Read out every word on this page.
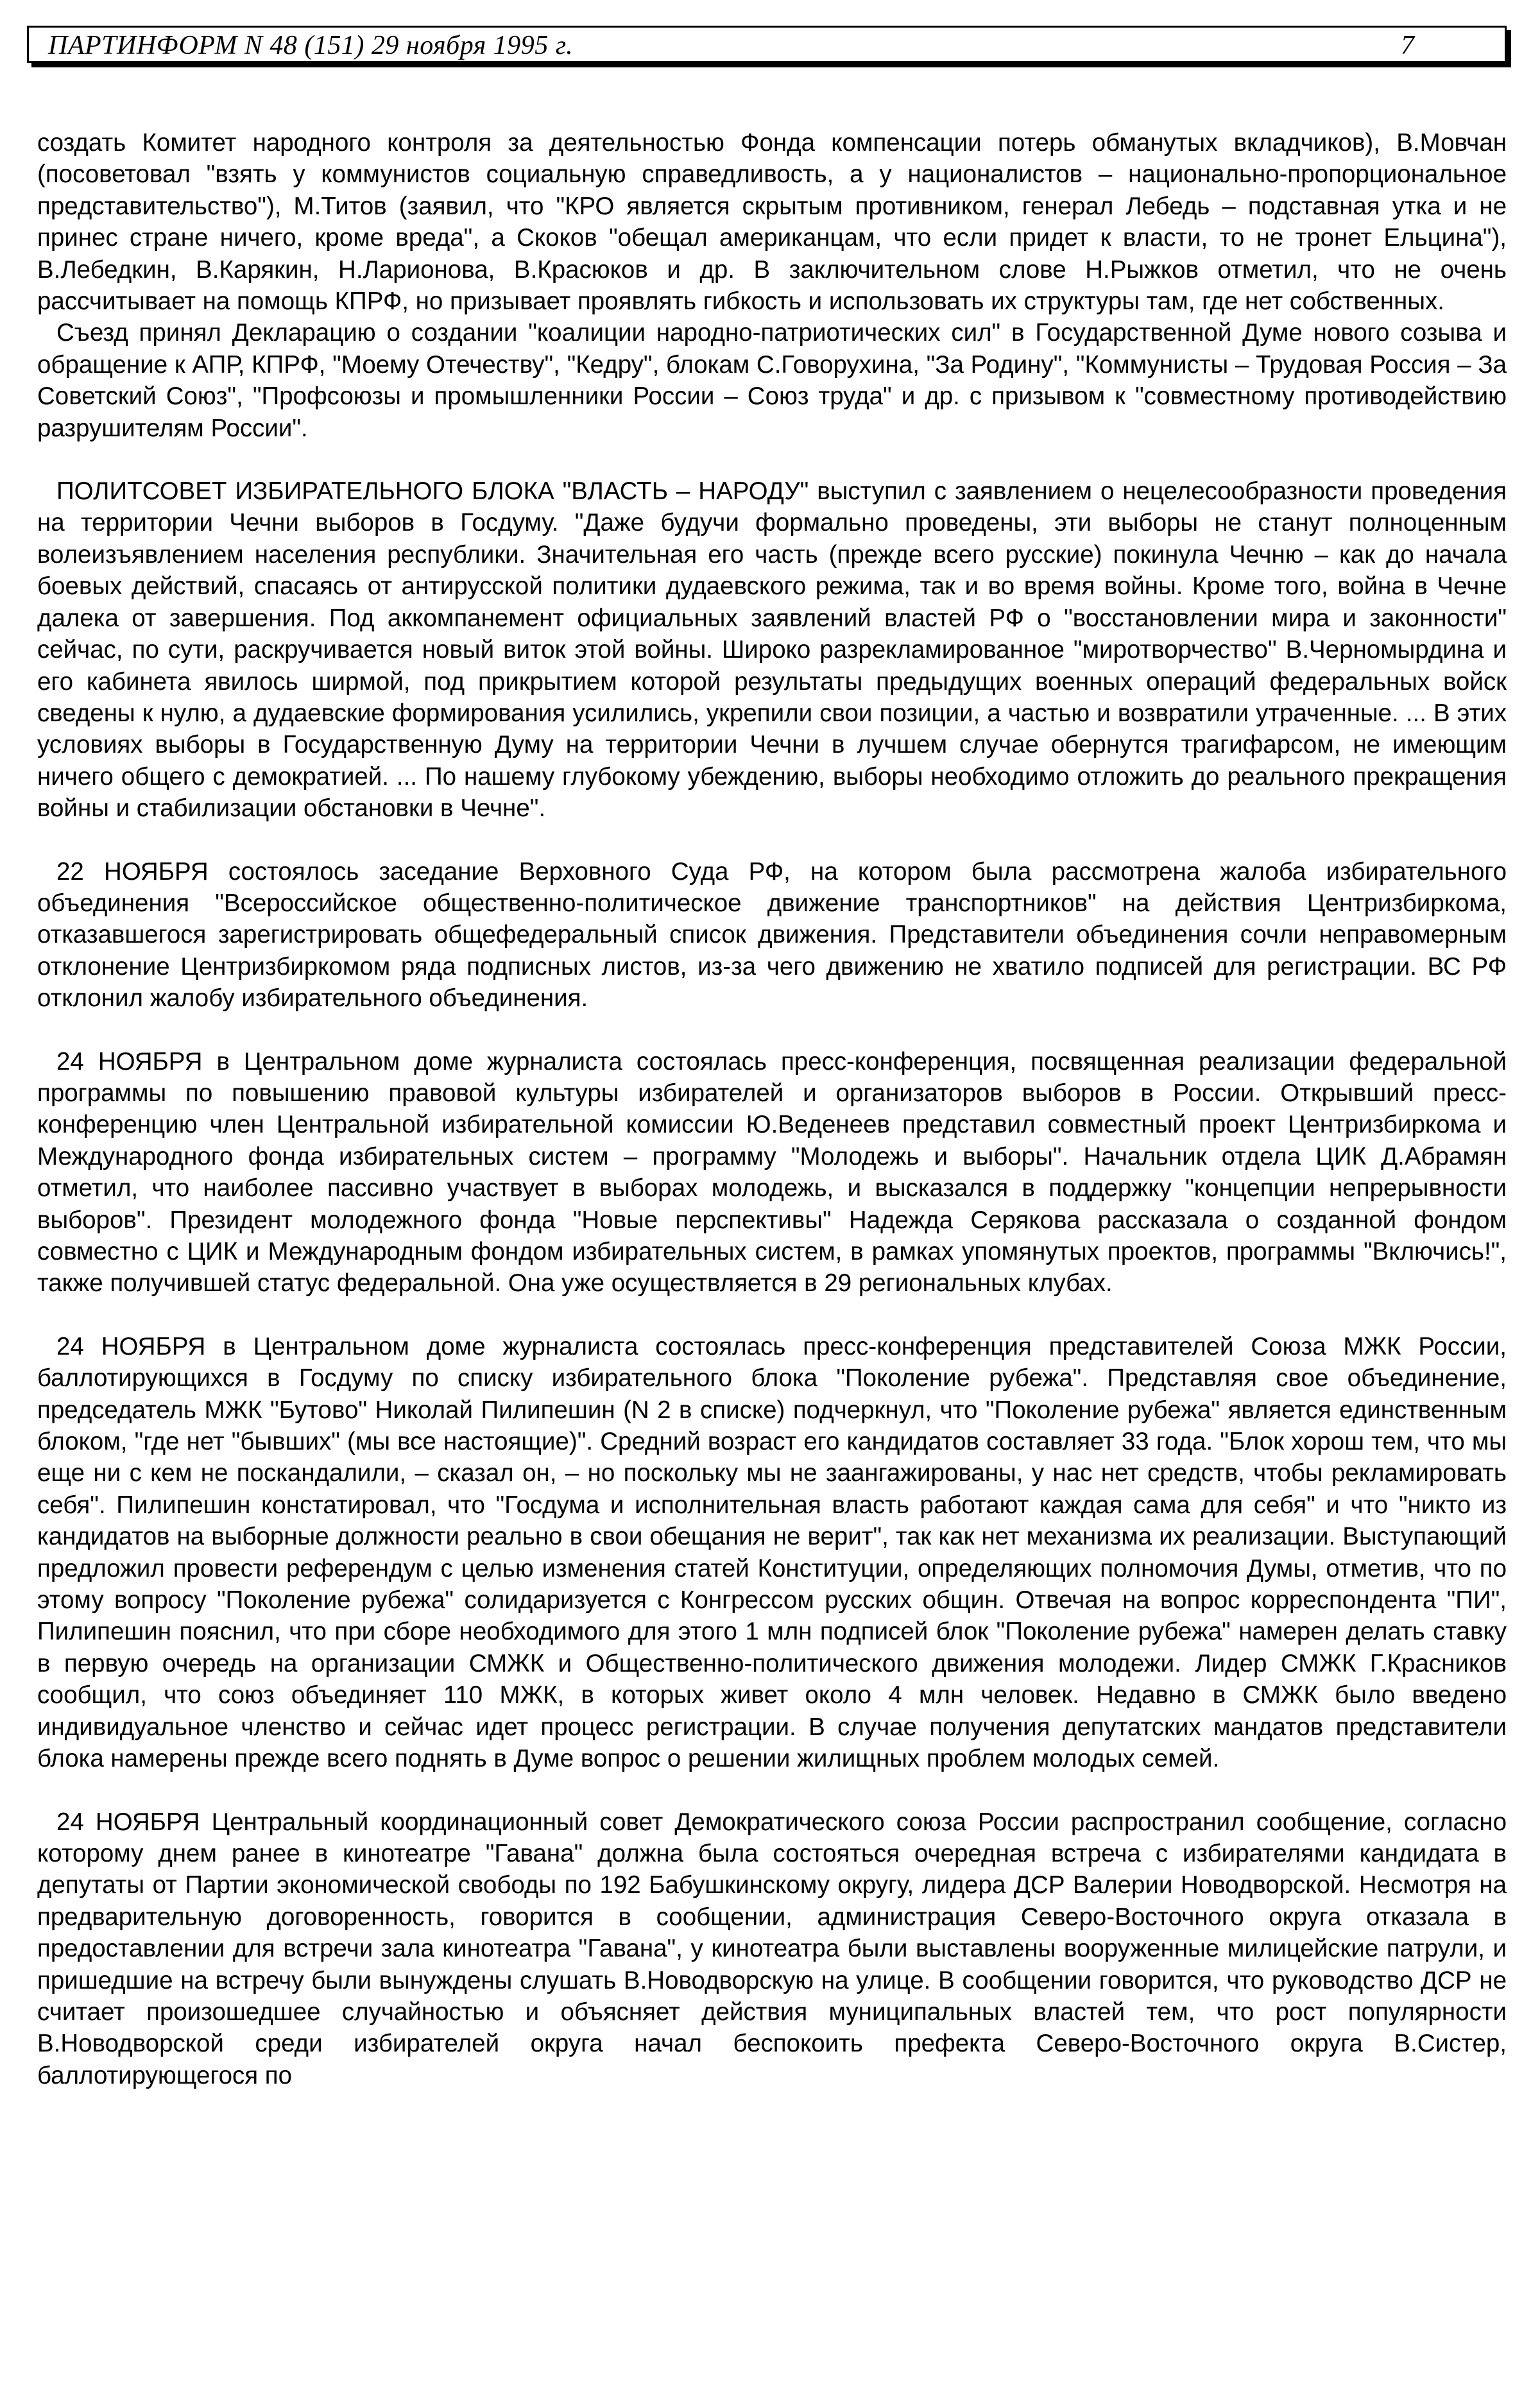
ПАРТИНФОРМ N 48 (151) 29 ноября 1995 г.	7

создать Комитет народного контроля за деятельностью Фонда компенсации потерь обманутых вкладчиков), В.Мовчан (посоветовал "взять у коммунистов социальную справедливость, а у националистов – национально-пропорциональное представительство"), М.Титов (заявил, что "КРО является скрытым противником, генерал Лебедь – подставная утка и не принес стране ничего, кроме вреда", а Скоков "обещал американцам, что если придет к власти, то не тронет Ельцина"), В.Лебедкин, В.Карякин, Н.Ларионова, В.Красюков и др. В заключительном слове Н.Рыжков отметил, что не очень рассчитывает на помощь КПРФ, но призывает проявлять гибкость и использовать их структуры там, где нет собственных.

Съезд принял Декларацию о создании "коалиции народно-патриотических сил" в Государственной Думе нового созыва и обращение к АПР, КПРФ, "Моему Отечеству", "Кедру", блокам С.Говорухина, "За Родину", "Коммунисты – Трудовая Россия – За Советский Союз", "Профсоюзы и промышленники России – Союз труда" и др. с призывом к "совместному противодействию разрушителям России".

ПОЛИТСОВЕТ ИЗБИРАТЕЛЬНОГО БЛОКА "ВЛАСТЬ – НАРОДУ" выступил с заявлением о нецелесообразности проведения на территории Чечни выборов в Госдуму. "Даже будучи формально проведены, эти выборы не станут полноценным волеизъявлением населения республики. Значительная его часть (прежде всего русские) покинула Чечню – как до начала боевых действий, спасаясь от антирусской политики дудаевского режима, так и во время войны. Кроме того, война в Чечне далека от завершения. Под аккомпанемент официальных заявлений властей РФ о "восстановлении мира и законности" сейчас, по сути, раскручивается новый виток этой войны. Широко разрекламированное "миротворчество" В.Черномырдина и его кабинета явилось ширмой, под прикрытием которой результаты предыдущих военных операций федеральных войск сведены к нулю, а дудаевские формирования усилились, укрепили свои позиции, а частью и возвратили утраченные. ... В этих условиях выборы в Государственную Думу на территории Чечни в лучшем случае обернутся трагифарсом, не имеющим ничего общего с демократией. ... По нашему глубокому убеждению, выборы необходимо отложить до реального прекращения войны и стабилизации обстановки в Чечне".

22 НОЯБРЯ состоялось заседание Верховного Суда РФ, на котором была рассмотрена жалоба избирательного объединения "Всероссийское общественно-политическое движение транспортников" на действия Центризбиркома, отказавшегося зарегистрировать общефедеральный список движения. Представители объединения сочли неправомерным отклонение Центризбиркомом ряда подписных листов, из-за чего движению не хватило подписей для регистрации. ВС РФ отклонил жалобу избирательного объединения.

24 НОЯБРЯ в Центральном доме журналиста состоялась пресс-конференция, посвященная реализации федеральной программы по повышению правовой культуры избирателей и организаторов выборов в России. Открывший пресс-конференцию член Центральной избирательной комиссии Ю.Веденеев представил совместный проект Центризбиркома и Международного фонда избирательных систем – программу "Молодежь и выборы". Начальник отдела ЦИК Д.Абрамян отметил, что наиболее пассивно участвует в выборах молодежь, и высказался в поддержку "концепции непрерывности выборов". Президент молодежного фонда "Новые перспективы" Надежда Серякова рассказала о созданной фондом совместно с ЦИК и Международным фондом избирательных систем, в рамках упомянутых проектов, программы "Включись!", также получившей статус федеральной. Она уже осуществляется в 29 региональных клубах.

24 НОЯБРЯ в Центральном доме журналиста состоялась пресс-конференция представителей Союза МЖК России, баллотирующихся в Госдуму по списку избирательного блока "Поколение рубежа". Представляя свое объединение, председатель МЖК "Бутово" Николай Пилипешин (N 2 в списке) подчеркнул, что "Поколение рубежа" является единственным блоком, "где нет "бывших" (мы все настоящие)". Средний возраст его кандидатов составляет 33 года. "Блок хорош тем, что мы еще ни с кем не поскандалили, – сказал он, – но поскольку мы не заангажированы, у нас нет средств, чтобы рекламировать себя". Пилипешин констатировал, что "Госдума и исполнительная власть работают каждая сама для себя" и что "никто из кандидатов на выборные должности реально в свои обещания не верит", так как нет механизма их реализации. Выступающий предложил провести референдум с целью изменения статей Конституции, определяющих полномочия Думы, отметив, что по этому вопросу "Поколение рубежа" солидаризуется с Конгрессом русских общин. Отвечая на вопрос корреспондента "ПИ", Пилипешин пояснил, что при сборе необходимого для этого 1 млн подписей блок "Поколение рубежа" намерен делать ставку в первую очередь на организации СМЖК и Общественно-политического движения молодежи. Лидер СМЖК Г.Красников сообщил, что союз объединяет 110 МЖК, в которых живет около 4 млн человек. Недавно в СМЖК было введено индивидуальное членство и сейчас идет процесс регистрации. В случае получения депутатских мандатов представители блока намерены прежде всего поднять в Думе вопрос о решении жилищных проблем молодых семей.

24 НОЯБРЯ Центральный координационный совет Демократического союза России распространил сообщение, согласно которому днем ранее в кинотеатре "Гавана" должна была состояться очередная встреча с избирателями кандидата в депутаты от Партии экономической свободы по 192 Бабушкинскому округу, лидера ДСР Валерии Новодворской. Несмотря на предварительную договоренность, говорится в сообщении, администрация Северо-Восточного округа отказала в предоставлении для встречи зала кинотеатра "Гавана", у кинотеатра были выставлены вооруженные милицейские патрули, и пришедшие на встречу были вынуждены слушать В.Новодворскую на улице. В сообщении говорится, что руководство ДСР не считает произошедшее случайностью и объясняет действия муниципальных властей тем, что рост популярности В.Новодворской среди избирателей округа начал беспокоить префекта Северо-Восточного округа В.Систер, баллотирующегося по
